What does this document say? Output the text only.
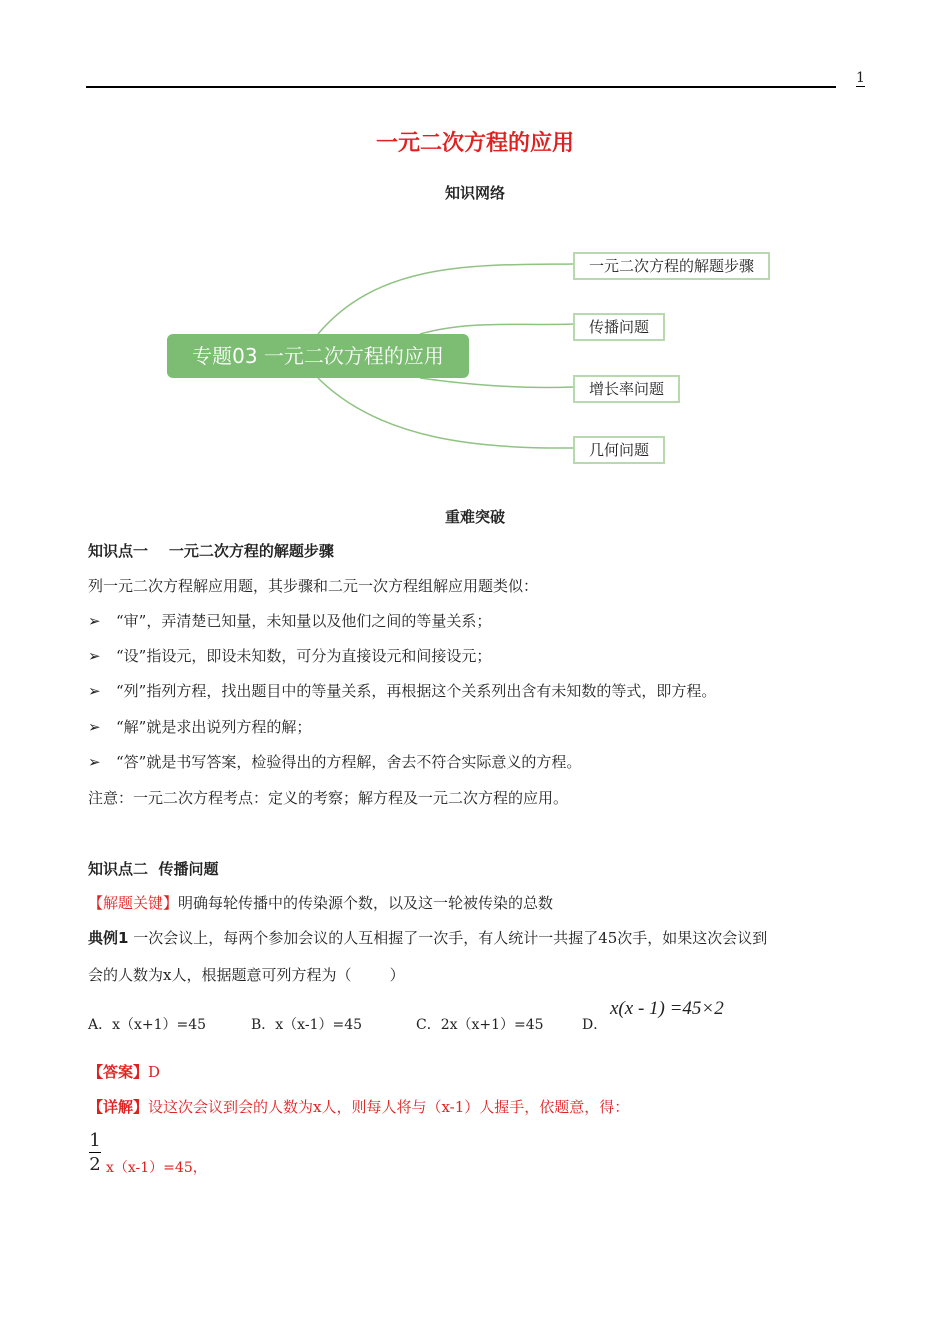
1
一元二次方程的应用
知识网络
专题03 一元二次方程的应用
一元二次方程的解题步骤
传播问题
增长率问题
几何问题
重难突破
知识点一    一元二次方程的解题步骤
列一元二次方程解应用题，其步骤和二元一次方程组解应用题类似：
➢ “审”，弄清楚已知量，未知量以及他们之间的等量关系；
➢ “设”指设元，即设未知数，可分为直接设元和间接设元；
➢ “列”指列方程，找出题目中的等量关系，再根据这个关系列出含有未知数的等式，即方程。
➢ “解”就是求出说列方程的解；
➢ “答”就是书写答案，检验得出的方程解，舍去不符合实际意义的方程。
注意：一元二次方程考点：定义的考察；解方程及一元二次方程的应用。
知识点二  传播问题
【解题关键】明确每轮传播中的传染源个数，以及这一轮被传染的总数
典例1 一次会议上，每两个参加会议的人互相握了一次手，有人统计一共握了45次手，如果这次会议到
会的人数为x人，根据题意可列方程为（        ）
A．x（x+1）=45	B．x（x-1）=45	C．2x（x+1）=45	D．
x(x - 1) =45×2
【答案】D
【详解】设这次会议到会的人数为x人，则每人将与（x-1）人握手，依题意，得：
1
2 x（x-1）=45，
